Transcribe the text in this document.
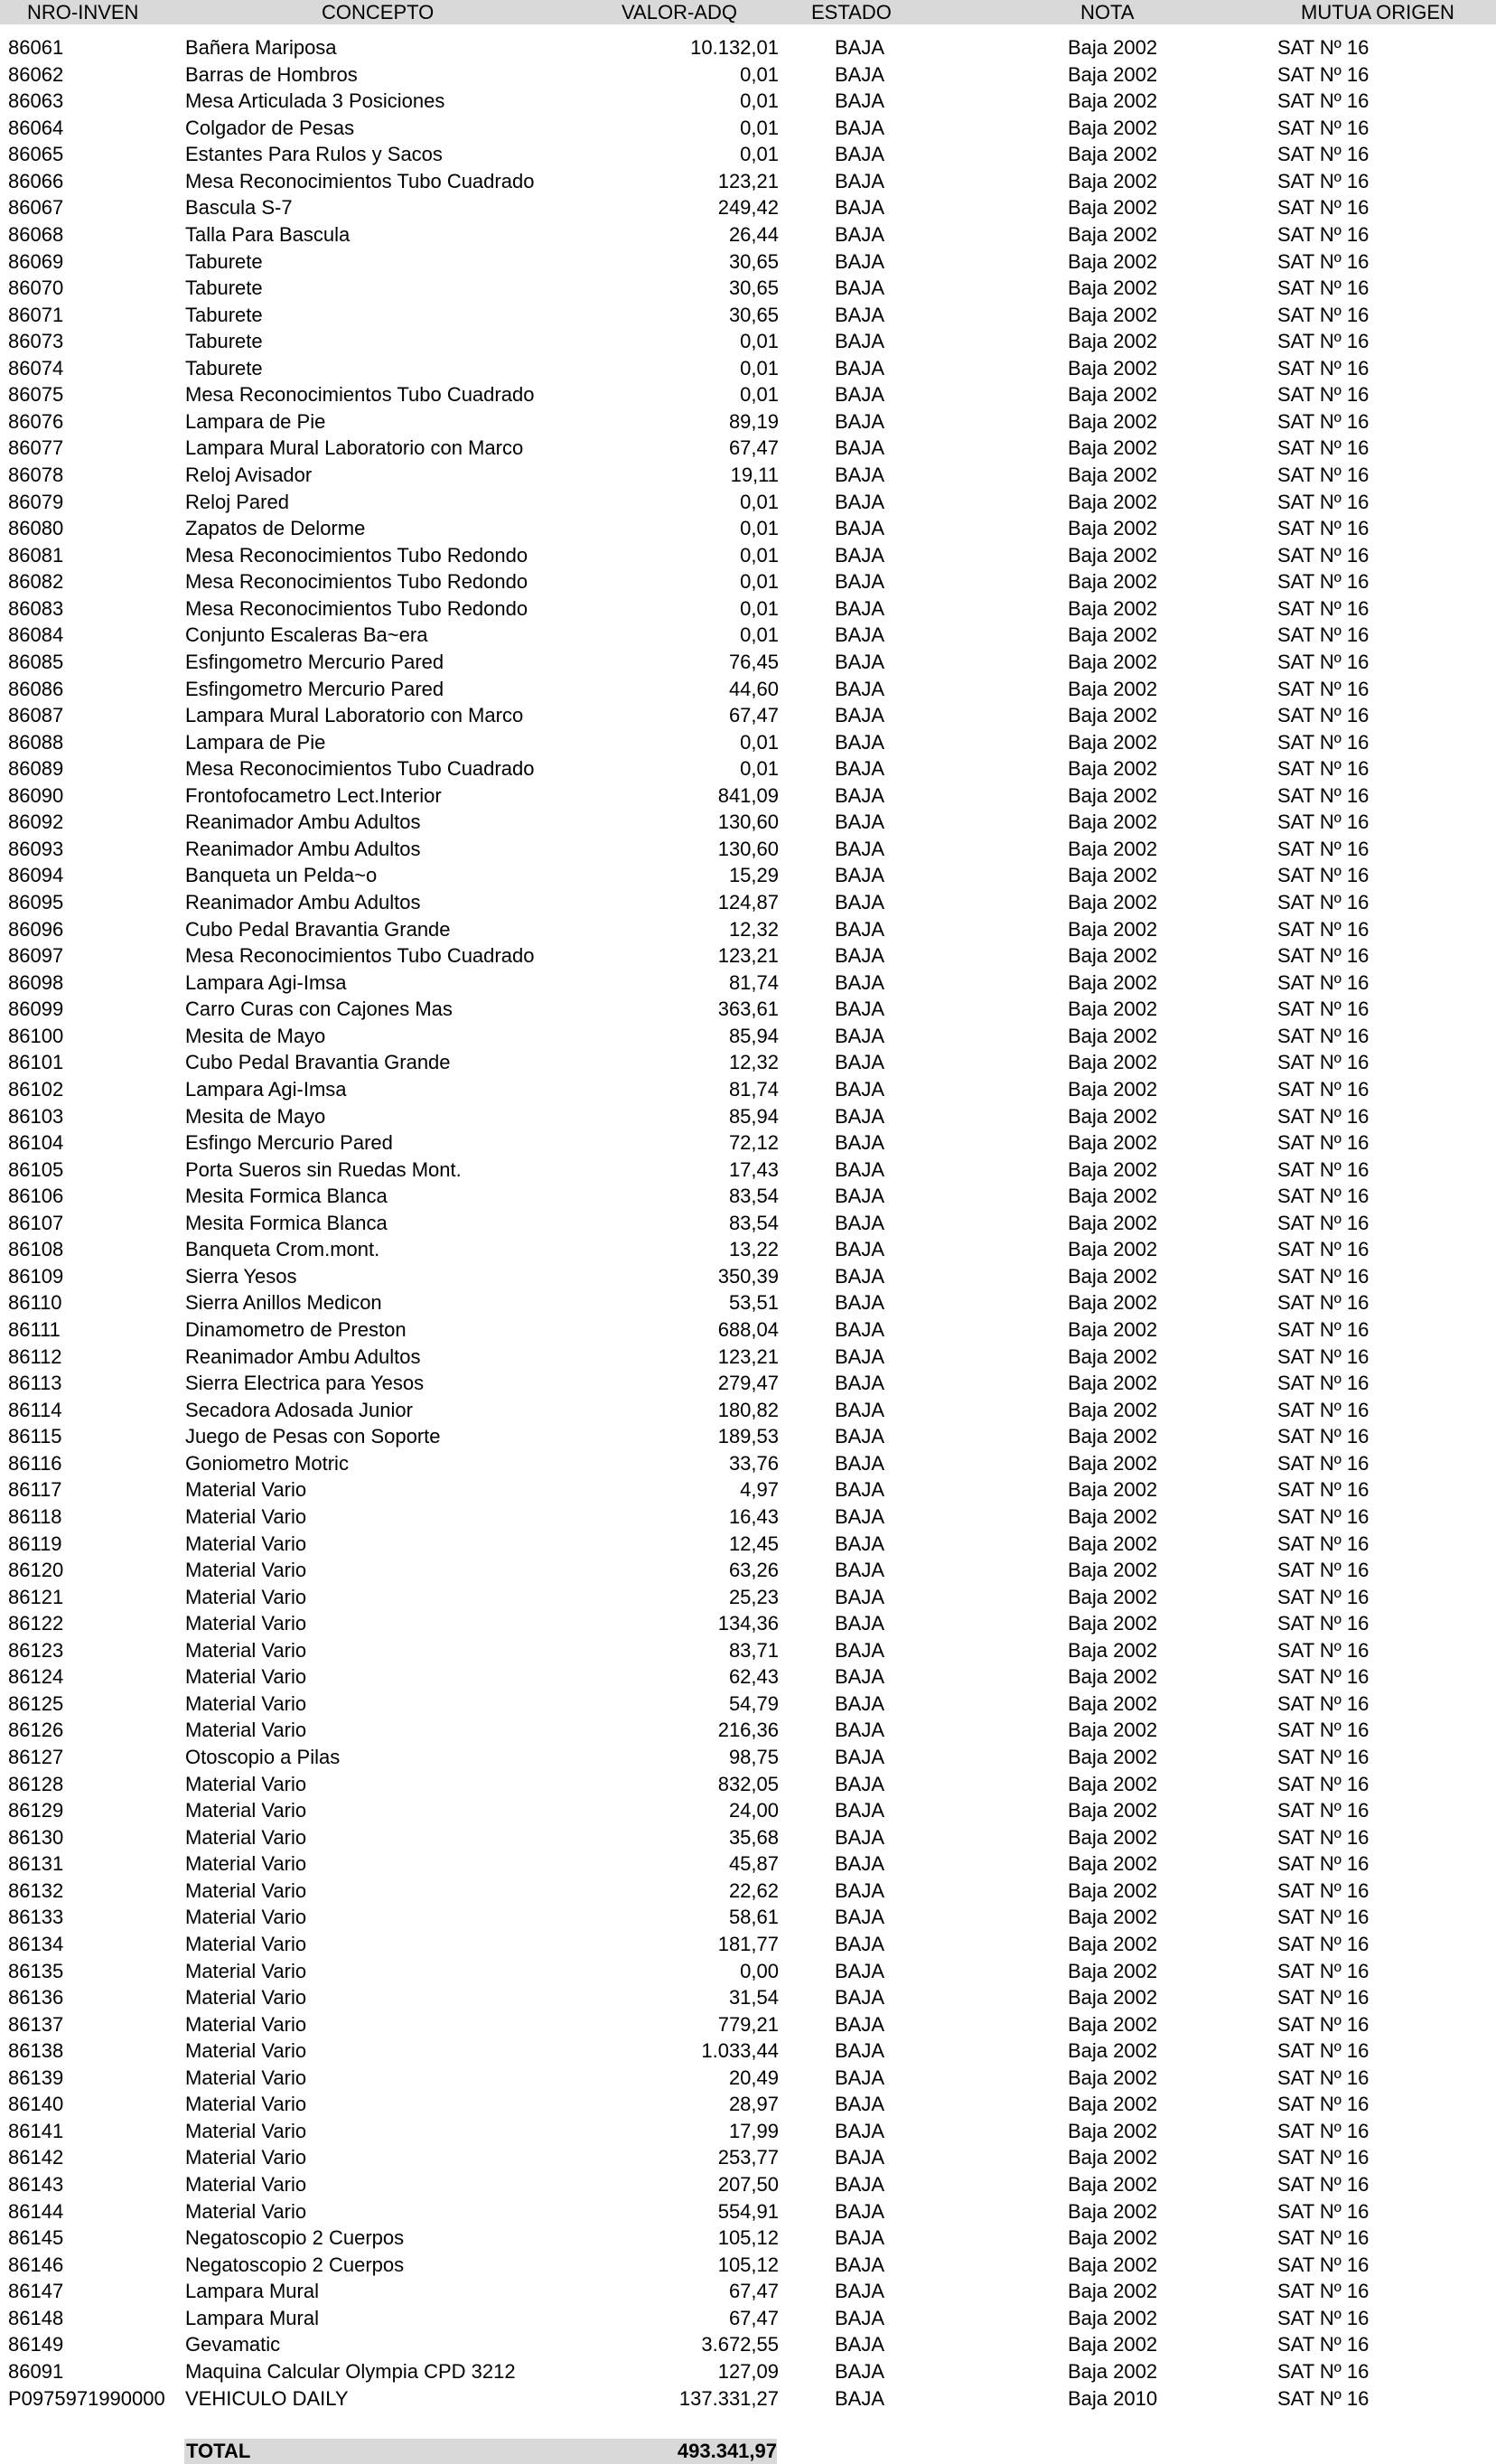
NRO-INVEN	CONCEPTO	VALOR-ADQ	ESTADO	NOTA	MUTUA ORIGEN
86061	Bañera Mariposa	10.132,01	BAJA	Baja 2002	SAT Nº 16
86062	Barras de Hombros	0,01	BAJA	Baja 2002	SAT Nº 16
86063	Mesa Articulada 3 Posiciones	0,01	BAJA	Baja 2002	SAT Nº 16
86064	Colgador de Pesas	0,01	BAJA	Baja 2002	SAT Nº 16
86065	Estantes Para Rulos y Sacos	0,01	BAJA	Baja 2002	SAT Nº 16
86066	Mesa Reconocimientos Tubo Cuadrado	123,21	BAJA	Baja 2002	SAT Nº 16
86067	Bascula S-7	249,42	BAJA	Baja 2002	SAT Nº 16
86068	Talla Para Bascula	26,44	BAJA	Baja 2002	SAT Nº 16
86069	Taburete	30,65	BAJA	Baja 2002	SAT Nº 16
86070	Taburete	30,65	BAJA	Baja 2002	SAT Nº 16
86071	Taburete	30,65	BAJA	Baja 2002	SAT Nº 16
86073	Taburete	0,01	BAJA	Baja 2002	SAT Nº 16
86074	Taburete	0,01	BAJA	Baja 2002	SAT Nº 16
86075	Mesa Reconocimientos Tubo Cuadrado	0,01	BAJA	Baja 2002	SAT Nº 16
86076	Lampara de Pie	89,19	BAJA	Baja 2002	SAT Nº 16
86077	Lampara Mural Laboratorio con Marco	67,47	BAJA	Baja 2002	SAT Nº 16
86078	Reloj Avisador	19,11	BAJA	Baja 2002	SAT Nº 16
86079	Reloj Pared	0,01	BAJA	Baja 2002	SAT Nº 16
86080	Zapatos de Delorme	0,01	BAJA	Baja 2002	SAT Nº 16
86081	Mesa Reconocimientos Tubo Redondo	0,01	BAJA	Baja 2002	SAT Nº 16
86082	Mesa Reconocimientos Tubo Redondo	0,01	BAJA	Baja 2002	SAT Nº 16
86083	Mesa Reconocimientos Tubo Redondo	0,01	BAJA	Baja 2002	SAT Nº 16
86084	Conjunto Escaleras Ba~era	0,01	BAJA	Baja 2002	SAT Nº 16
86085	Esfingometro Mercurio Pared	76,45	BAJA	Baja 2002	SAT Nº 16
86086	Esfingometro Mercurio Pared	44,60	BAJA	Baja 2002	SAT Nº 16
86087	Lampara Mural Laboratorio con Marco	67,47	BAJA	Baja 2002	SAT Nº 16
86088	Lampara de Pie	0,01	BAJA	Baja 2002	SAT Nº 16
86089	Mesa Reconocimientos Tubo Cuadrado	0,01	BAJA	Baja 2002	SAT Nº 16
86090	Frontofocametro Lect.Interior	841,09	BAJA	Baja 2002	SAT Nº 16
86092	Reanimador Ambu Adultos	130,60	BAJA	Baja 2002	SAT Nº 16
86093	Reanimador Ambu Adultos	130,60	BAJA	Baja 2002	SAT Nº 16
86094	Banqueta un Pelda~o	15,29	BAJA	Baja 2002	SAT Nº 16
86095	Reanimador Ambu Adultos	124,87	BAJA	Baja 2002	SAT Nº 16
86096	Cubo Pedal Bravantia Grande	12,32	BAJA	Baja 2002	SAT Nº 16
86097	Mesa Reconocimientos Tubo Cuadrado	123,21	BAJA	Baja 2002	SAT Nº 16
86098	Lampara Agi-Imsa	81,74	BAJA	Baja 2002	SAT Nº 16
86099	Carro Curas con Cajones Mas	363,61	BAJA	Baja 2002	SAT Nº 16
86100	Mesita de Mayo	85,94	BAJA	Baja 2002	SAT Nº 16
86101	Cubo Pedal Bravantia Grande	12,32	BAJA	Baja 2002	SAT Nº 16
86102	Lampara Agi-Imsa	81,74	BAJA	Baja 2002	SAT Nº 16
86103	Mesita de Mayo	85,94	BAJA	Baja 2002	SAT Nº 16
86104	Esfingo Mercurio Pared	72,12	BAJA	Baja 2002	SAT Nº 16
86105	Porta Sueros sin Ruedas Mont.	17,43	BAJA	Baja 2002	SAT Nº 16
86106	Mesita Formica Blanca	83,54	BAJA	Baja 2002	SAT Nº 16
86107	Mesita Formica Blanca	83,54	BAJA	Baja 2002	SAT Nº 16
86108	Banqueta Crom.mont.	13,22	BAJA	Baja 2002	SAT Nº 16
86109	Sierra Yesos	350,39	BAJA	Baja 2002	SAT Nº 16
86110	Sierra Anillos Medicon	53,51	BAJA	Baja 2002	SAT Nº 16
86111	Dinamometro de Preston	688,04	BAJA	Baja 2002	SAT Nº 16
86112	Reanimador Ambu Adultos	123,21	BAJA	Baja 2002	SAT Nº 16
86113	Sierra Electrica para Yesos	279,47	BAJA	Baja 2002	SAT Nº 16
86114	Secadora Adosada Junior	180,82	BAJA	Baja 2002	SAT Nº 16
86115	Juego de Pesas con Soporte	189,53	BAJA	Baja 2002	SAT Nº 16
86116	Goniometro Motric	33,76	BAJA	Baja 2002	SAT Nº 16
86117	Material Vario	4,97	BAJA	Baja 2002	SAT Nº 16
86118	Material Vario	16,43	BAJA	Baja 2002	SAT Nº 16
86119	Material Vario	12,45	BAJA	Baja 2002	SAT Nº 16
86120	Material Vario	63,26	BAJA	Baja 2002	SAT Nº 16
86121	Material Vario	25,23	BAJA	Baja 2002	SAT Nº 16
86122	Material Vario	134,36	BAJA	Baja 2002	SAT Nº 16
86123	Material Vario	83,71	BAJA	Baja 2002	SAT Nº 16
86124	Material Vario	62,43	BAJA	Baja 2002	SAT Nº 16
86125	Material Vario	54,79	BAJA	Baja 2002	SAT Nº 16
86126	Material Vario	216,36	BAJA	Baja 2002	SAT Nº 16
86127	Otoscopio a Pilas	98,75	BAJA	Baja 2002	SAT Nº 16
86128	Material Vario	832,05	BAJA	Baja 2002	SAT Nº 16
86129	Material Vario	24,00	BAJA	Baja 2002	SAT Nº 16
86130	Material Vario	35,68	BAJA	Baja 2002	SAT Nº 16
86131	Material Vario	45,87	BAJA	Baja 2002	SAT Nº 16
86132	Material Vario	22,62	BAJA	Baja 2002	SAT Nº 16
86133	Material Vario	58,61	BAJA	Baja 2002	SAT Nº 16
86134	Material Vario	181,77	BAJA	Baja 2002	SAT Nº 16
86135	Material Vario	0,00	BAJA	Baja 2002	SAT Nº 16
86136	Material Vario	31,54	BAJA	Baja 2002	SAT Nº 16
86137	Material Vario	779,21	BAJA	Baja 2002	SAT Nº 16
86138	Material Vario	1.033,44	BAJA	Baja 2002	SAT Nº 16
86139	Material Vario	20,49	BAJA	Baja 2002	SAT Nº 16
86140	Material Vario	28,97	BAJA	Baja 2002	SAT Nº 16
86141	Material Vario	17,99	BAJA	Baja 2002	SAT Nº 16
86142	Material Vario	253,77	BAJA	Baja 2002	SAT Nº 16
86143	Material Vario	207,50	BAJA	Baja 2002	SAT Nº 16
86144	Material Vario	554,91	BAJA	Baja 2002	SAT Nº 16
86145	Negatoscopio 2 Cuerpos	105,12	BAJA	Baja 2002	SAT Nº 16
86146	Negatoscopio 2 Cuerpos	105,12	BAJA	Baja 2002	SAT Nº 16
86147	Lampara Mural	67,47	BAJA	Baja 2002	SAT Nº 16
86148	Lampara Mural	67,47	BAJA	Baja 2002	SAT Nº 16
86149	Gevamatic	3.672,55	BAJA	Baja 2002	SAT Nº 16
86091	Maquina Calcular Olympia CPD 3212	127,09	BAJA	Baja 2002	SAT Nº 16
P0975971990000 VEHICULO DAILY	137.331,27	BAJA	Baja 2010	SAT Nº 16
TOTAL	493.341,97
